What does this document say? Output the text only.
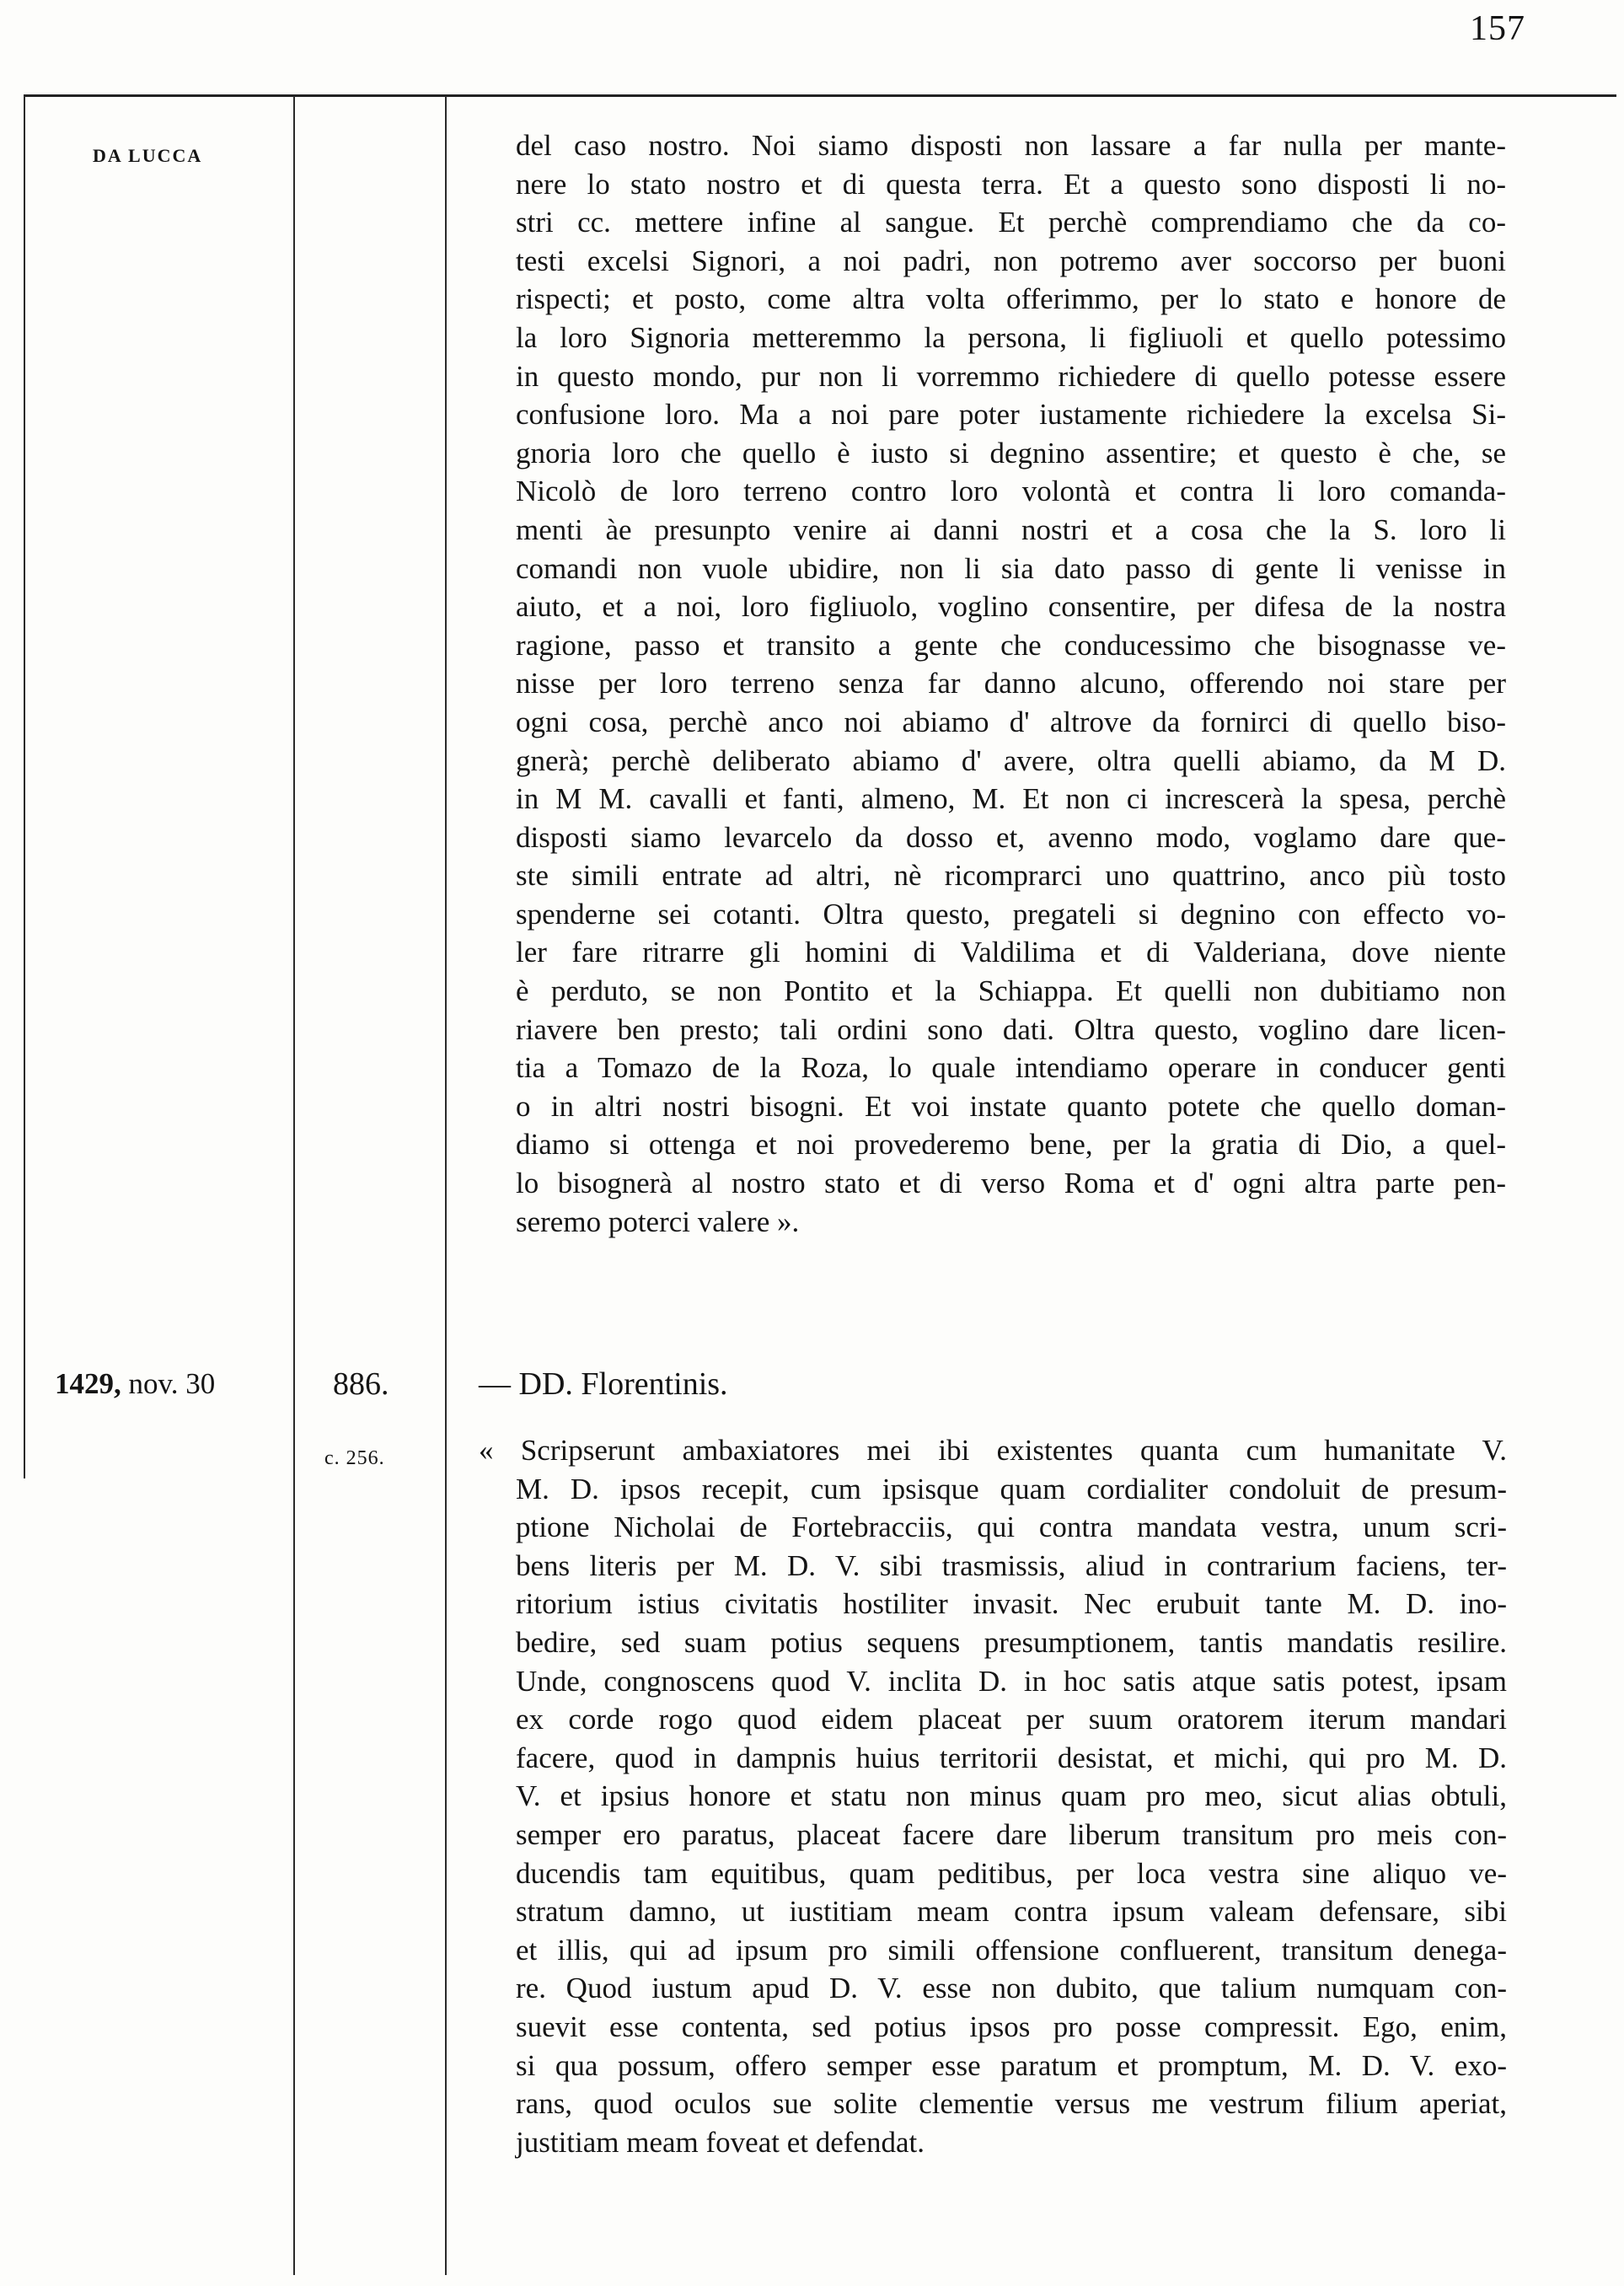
157
DA LUCCA	del caso nostro. Noi siamo disposti non lassare a far nulla per mante-
nere lo stato nostro et di questa terra. Et a questo sono disposti li no-
stri cc. mettere infine al sangue. Et perchè comprendiamo che da co-
testi excelsi Signori, a noi padri, non potremo aver soccorso per buoni
rispecti; et posto, come altra volta offerimmo, per lo stato e honore de
la loro Signoria metteremmo la persona, li figliuoli et quello potessimo
in questo mondo, pur non li vorremmo richiedere di quello potesse essere
confusione loro. Ma a noi pare poter iustamente richiedere la excelsa Si-
gnoria loro che quello è iusto si degnino assentire; et questo è che, se
Nicolò de loro terreno contro loro volontà et contra li loro comanda-
menti àe presunpto venire ai danni nostri et a cosa che la S. loro li
comandi non vuole ubidire, non li sia dato passo di gente li venisse in
aiuto, et a noi, loro figliuolo, voglino consentire, per difesa de la nostra
ragione, passo et transito a gente che conducessimo che bisognasse ve-
nisse per loro terreno senza far danno alcuno, offerendo noi stare per
ogni cosa, perchè anco noi abiamo d' altrove da fornirci di quello biso-
gnerà; perchè deliberato abiamo d' avere, oltra quelli abiamo, da M D.
in M M. cavalli et fanti, almeno, M. Et non ci increscerà la spesa, perchè
disposti siamo levarcelo da dosso et, avenno modo, voglamo dare que-
ste simili entrate ad altri, nè ricomprarci uno quattrino, anco più tosto
spenderne sei cotanti. Oltra questo, pregateli si degnino con effecto vo-
ler fare ritrarre gli homini di Valdilima et di Valderiana, dove niente
è perduto, se non Pontito et la Schiappa. Et quelli non dubitiamo non
riavere ben presto; tali ordini sono dati. Oltra questo, voglino dare licen-
tia a Tomazo de la Roza, lo quale intendiamo operare in conducer genti
o in altri nostri bisogni. Et voi instate quanto potete che quello doman-
diamo si ottenga et noi provederemo bene, per la gratia di Dio, a quel-
lo bisognerà al nostro stato et di verso Roma et d' ogni altra parte pen-
seremo poterci valere ».
1429, nov. 30	886.	— DD. Florentinis.
c. 256.	« Scripserunt ambaxiatores mei ibi existentes quanta cum humanitate V.
M. D. ipsos recepit, cum ipsisque quam cordialiter condoluit de presum-
ptione Nicholai de Fortebracciis, qui contra mandata vestra, unum scri-
bens literis per M. D. V. sibi trasmissis, aliud in contrarium faciens, ter-
ritorium istius civitatis hostiliter invasit. Nec erubuit tante M. D. ino-
bedire, sed suam potius sequens presumptionem, tantis mandatis resilire.
Unde, congnoscens quod V. inclita D. in hoc satis atque satis potest, ipsam
ex corde rogo quod eidem placeat per suum oratorem iterum mandari
facere, quod in dampnis huius territorii desistat, et michi, qui pro M. D.
V. et ipsius honore et statu non minus quam pro meo, sicut alias obtuli,
semper ero paratus, placeat facere dare liberum transitum pro meis con-
ducendis tam equitibus, quam peditibus, per loca vestra sine aliquo ve-
stratum damno, ut iustitiam meam contra ipsum valeam defensare, sibi
et illis, qui ad ipsum pro simili offensione confluerent, transitum denega-
re. Quod iustum apud D. V. esse non dubito, que talium numquam con-
suevit esse contenta, sed potius ipsos pro posse compressit. Ego, enim,
si qua possum, offero semper esse paratum et promptum, M. D. V. exo-
rans, quod oculos sue solite clementie versus me vestrum filium aperiat,
justitiam meam foveat et defendat.
